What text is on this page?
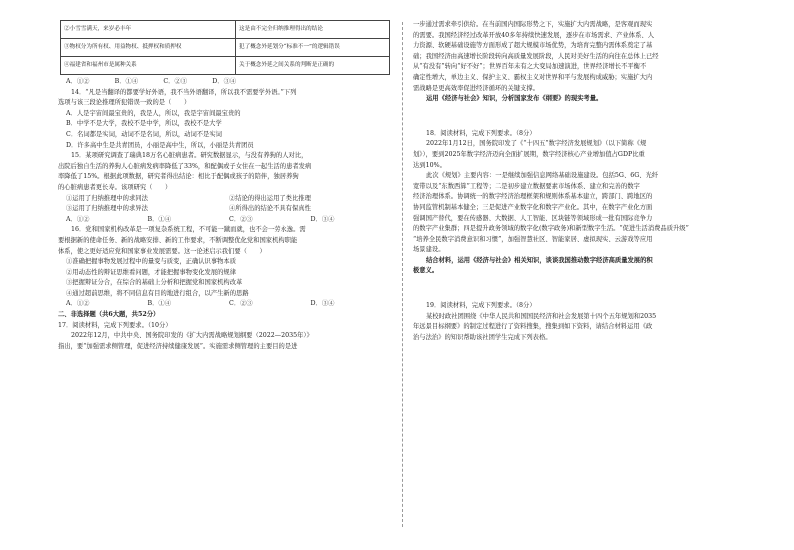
②小雪雪满天，来岁必丰年	这是由不完全归纳推理得出的结论
③物权分为所有权、用益物权、抵押权和质押权	犯了概念外延划分“标准不一”的逻辑错误
④福建省和福州市是属种关系	关于概念外延之间关系的判断是正确的

A．①②　　　　B．①④　　　　C．②③　　　　D．③④

14．“凡是当翻译的都要学好外语，我不当外语翻译，所以我不需要学外语。”下列

选项与该三段论推理所犯错误一致的是（　　）

A．人是宇宙间最宝贵的，我是人，所以，我是宇宙间最宝贵的

B．中学不是大学，我校不是中学，所以，我校不是大学

C．名词都是实词，动词不是名词，所以，动词不是实词

D．许多高中生是共青团员，小丽是高中生，所以，小丽是共青团员

15．某项研究调查了瑞典18万名心脏病患者。研究数据显示，与没有养狗的人对比，

出院后独自生活的养狗人心脏病发病率降低了33%，和配偶或子女住在一起生活的患者发病

率降低了15%。根据此项数据，研究者得出结论：相比于配偶或孩子的陪伴，独居养狗

的心脏病患者更长寿。该项研究（　　）

①运用了归纳推理中的求同法	②结论的得出运用了类比推理
③运用了归纳推理中的求异法	④所得出的结论不具有保真性
A．①②	B．①④	C．②③	D．③④

16．党和国家机构改革是一项复杂系统工程，不可能一蹴而就，也不会一劳永逸。需

要根据新的使命任务、新的战略安排、新的工作要求，不断调整优化党和国家机构职能

体系，使之更好适应党和国家事业发展需要。这一论述启示我们要（　　）

①准确把握事物发展过程中的量变与质变，正确认识事物本质

②用动态性的辩证思维看问题，才能把握事物变化发展的规律

③把握辩证分合，在综合的基础上分析和把握党和国家机构改革

④通过超前思维，将不同信息有目的地进行组合，以产生新的思路

A．①②	B．①④	C．②③	D．③④

二、非选择题（共6大题，共52分）

17．阅读材料，完成下列要求。（10分）

2022年12月，中共中央、国务院印发的《扩大内需战略规划纲要（2022—2035年）》

指出，要“加强需求侧管理，促进经济持续健康发展”。实施需求侧管理的主要目的是进

一步通过需求牵引供给。在当前国内国际形势之下，实施扩大内需战略，是客观而现实

的需要。我国经济经过改革开放40多年持续快速发展，逐步在市场需求、产业体系、人

力资源、软硬基础设施等方面形成了超大规模市场优势，为培育完整内需体系奠定了基

础；我国经济由高速增长阶段转向高质量发展阶段，人民对美好生活的向往在总体上已经

从“有没有”转向“好不好”；世界百年未有之大变局加速演进，世界经济增长不平衡不

确定性增大，单边主义、保护主义、霸权主义对世界和平与发展构成威胁；实施扩大内

需战略是更高效率促进经济循环的关键支撑。

运用《经济与社会》知识，分析国家发布《纲要》的现实考量。

18．阅读材料，完成下列要求。（8分）

2022年1月12日，国务院印发了《“十四五”数字经济发展规划》（以下简称《规

划》），要到2025年数字经济迈向全面扩展期，数字经济核心产业增加值占GDP比重

达到10%。

此次《规划》主要内容：一是继续加强信息网络基础设施建设。包括5G、6G、光纤

宽带以及“东数西算”工程等；二是初步建立数据要素市场体系、建立和完善的数字

经济治理体系。协调统一的数字经济治理框架和规则体系基本建立，跨部门、跨地区的

协同监管机制基本健全；三是促进产业数字化和数字产业化。其中，在数字产业化方面

强调国产替代，要在传感器、大数据、人工智能、区块链等领域形成一批有国际竞争力

的数字产业集群；四是提升政务领域的数字化(数字政务)和新型数字生活。“促进生活消费品质升级”

“培养全民数字消费意识和习惯”，加强智慧社区、智能家居、虚拟现实、云游戏等应用

场景建设。

结合材料，运用《经济与社会》相关知识，谈谈我国推动数字经济高质量发展的积

极意义。

19．阅读材料，完成下列要求。（8分）

某校时政社团围绕《中华人民共和国国民经济和社会发展第十四个五年规划和2035

年远景目标纲要》的制定过程进行了资料搜集，搜集到如下资料，请结合材料运用《政

治与法治》的知识帮助该社团学生完成下列表格。
